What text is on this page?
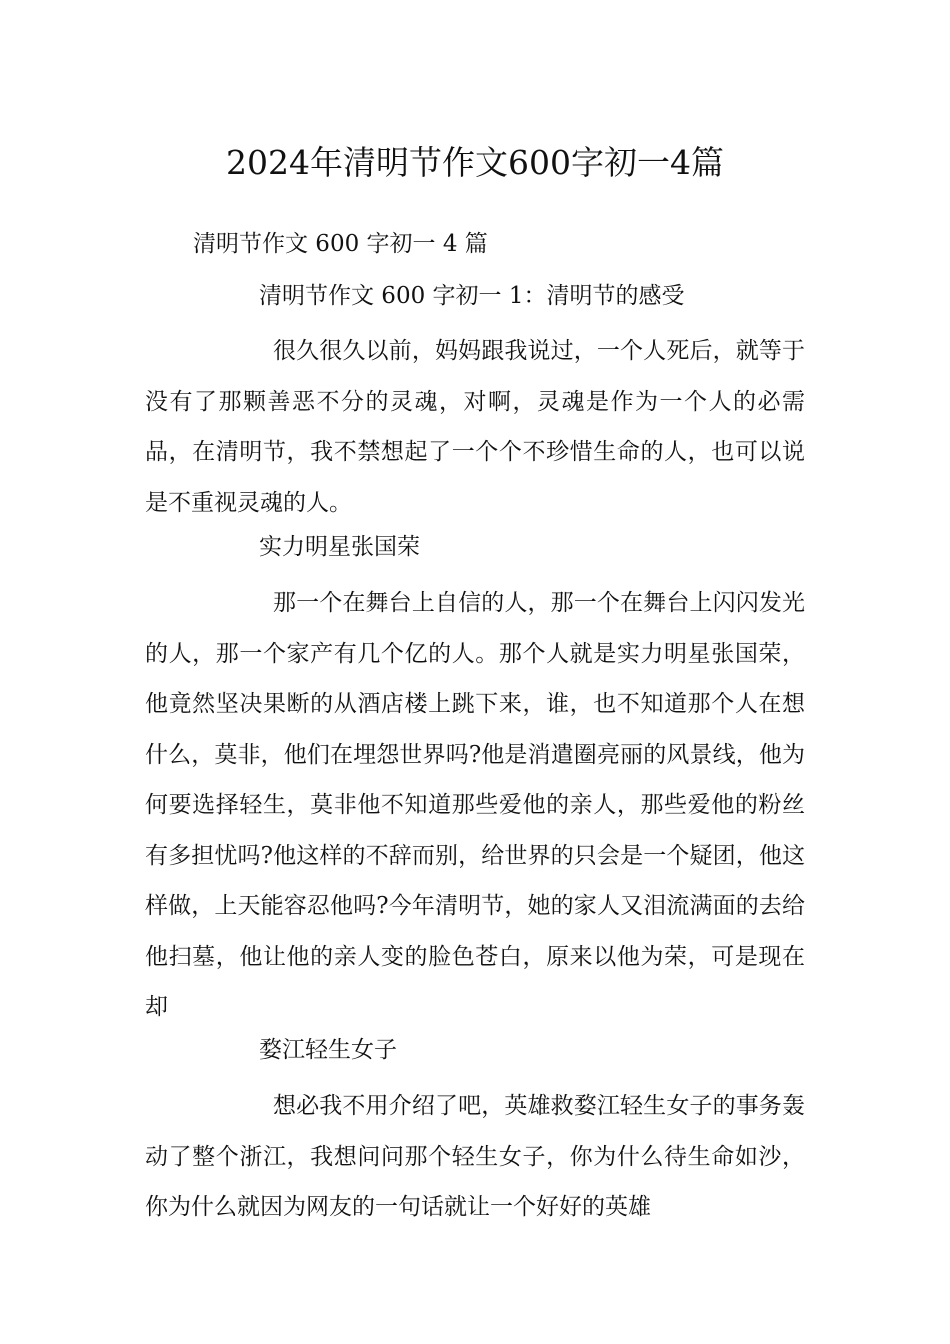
2024年清明节作文600字初一4篇
清明节作文 600 字初一 4 篇
清明节作文 600 字初一 1：清明节的感受

很久很久以前，妈妈跟我说过，一个人死后，就等于没有了那颗善恶不分的灵魂，对啊，灵魂是作为一个人的必需品，在清明节，我不禁想起了一个个不珍惜生命的人，也可以说是不重视灵魂的人。

实力明星张国荣

那一个在舞台上自信的人，那一个在舞台上闪闪发光的人，那一个家产有几个亿的人。那个人就是实力明星张国荣，他竟然坚决果断的从酒店楼上跳下来，谁，也不知道那个人在想什么，莫非，他们在埋怨世界吗?他是消遣圈亮丽的风景线，他为何要选择轻生，莫非他不知道那些爱他的亲人，那些爱他的粉丝有多担忧吗?他这样的不辞而别，给世界的只会是一个疑团，他这样做，上天能容忍他吗?今年清明节，她的家人又泪流满面的去给他扫墓，他让他的亲人变的脸色苍白，原来以他为荣，可是现在却

婺江轻生女子

想必我不用介绍了吧，英雄救婺江轻生女子的事务轰动了整个浙江，我想问问那个轻生女子，你为什么待生命如沙，你为什么就因为网友的一句话就让一个好好的英雄
